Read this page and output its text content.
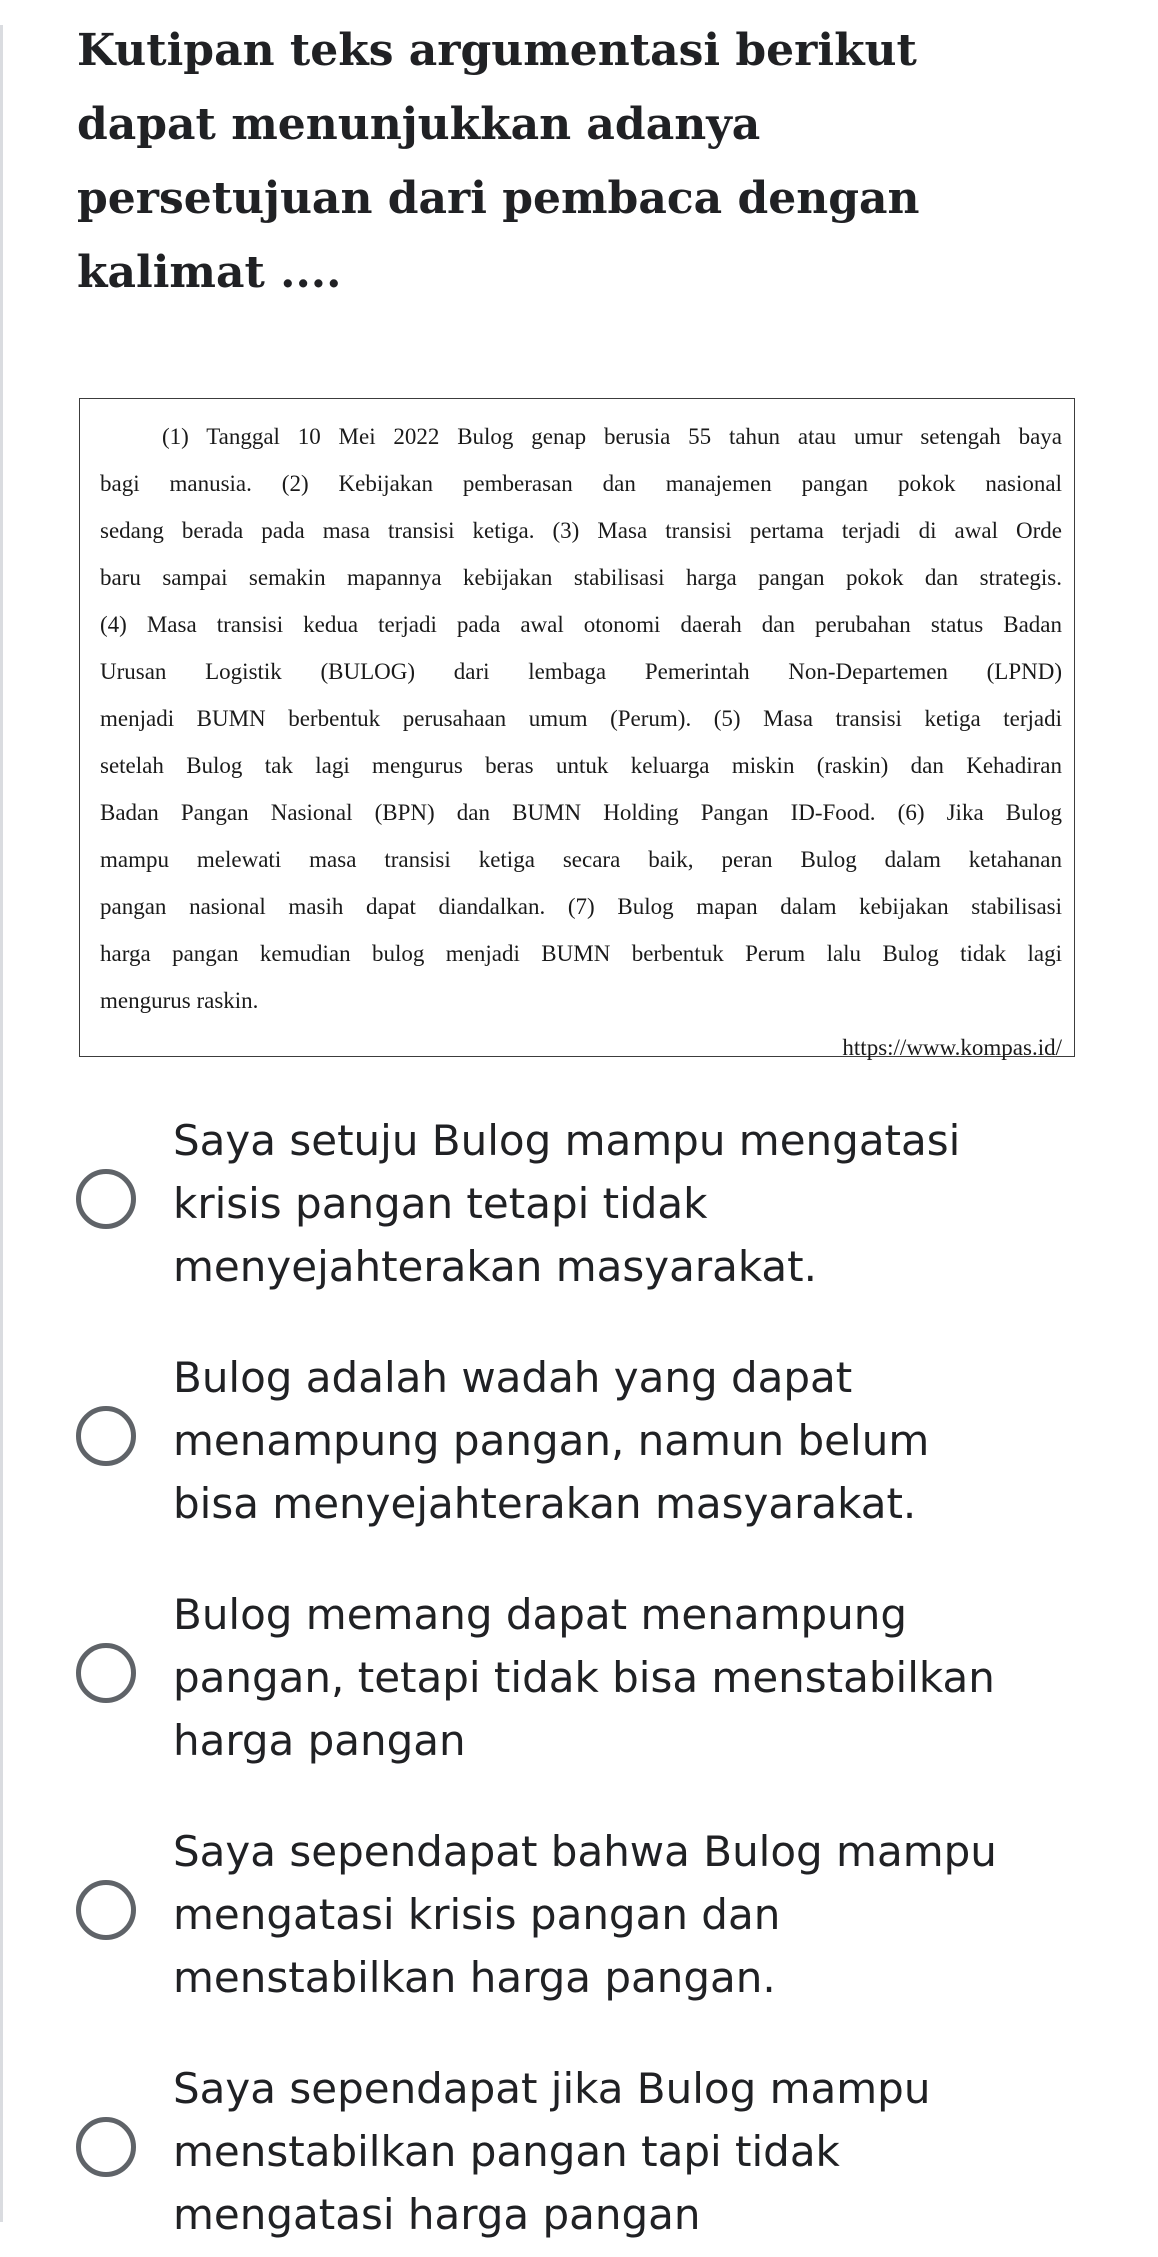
Kutipan teks argumentasi berikut
dapat menunjukkan adanya
persetujuan dari pembaca dengan
kalimat ....
(1) Tanggal 10 Mei 2022 Bulog genap berusia 55 tahun atau umur setengah baya
bagi manusia. (2) Kebijakan pemberasan dan manajemen pangan pokok nasional
sedang berada pada masa transisi ketiga. (3) Masa transisi pertama terjadi di awal Orde
baru sampai semakin mapannya kebijakan stabilisasi harga pangan pokok dan strategis.
(4) Masa transisi kedua terjadi pada awal otonomi daerah dan perubahan status Badan
Urusan Logistik (BULOG) dari lembaga Pemerintah Non-Departemen (LPND)
menjadi BUMN berbentuk perusahaan umum (Perum). (5) Masa transisi ketiga terjadi
setelah Bulog tak lagi mengurus beras untuk keluarga miskin (raskin) dan Kehadiran
Badan Pangan Nasional (BPN) dan BUMN Holding Pangan ID-Food. (6) Jika Bulog
mampu melewati masa transisi ketiga secara baik, peran Bulog dalam ketahanan
pangan nasional masih dapat diandalkan. (7) Bulog mapan dalam kebijakan stabilisasi
harga pangan kemudian bulog menjadi BUMN berbentuk Perum lalu Bulog tidak lagi
mengurus raskin.
https://www.kompas.id/
Saya setuju Bulog mampu mengatasi
krisis pangan tetapi tidak
menyejahterakan masyarakat.
Bulog adalah wadah yang dapat
menampung pangan, namun belum
bisa menyejahterakan masyarakat.
Bulog memang dapat menampung
pangan, tetapi tidak bisa menstabilkan
harga pangan
Saya sependapat bahwa Bulog mampu
mengatasi krisis pangan dan
menstabilkan harga pangan.
Saya sependapat jika Bulog mampu
menstabilkan pangan tapi tidak
mengatasi harga pangan
